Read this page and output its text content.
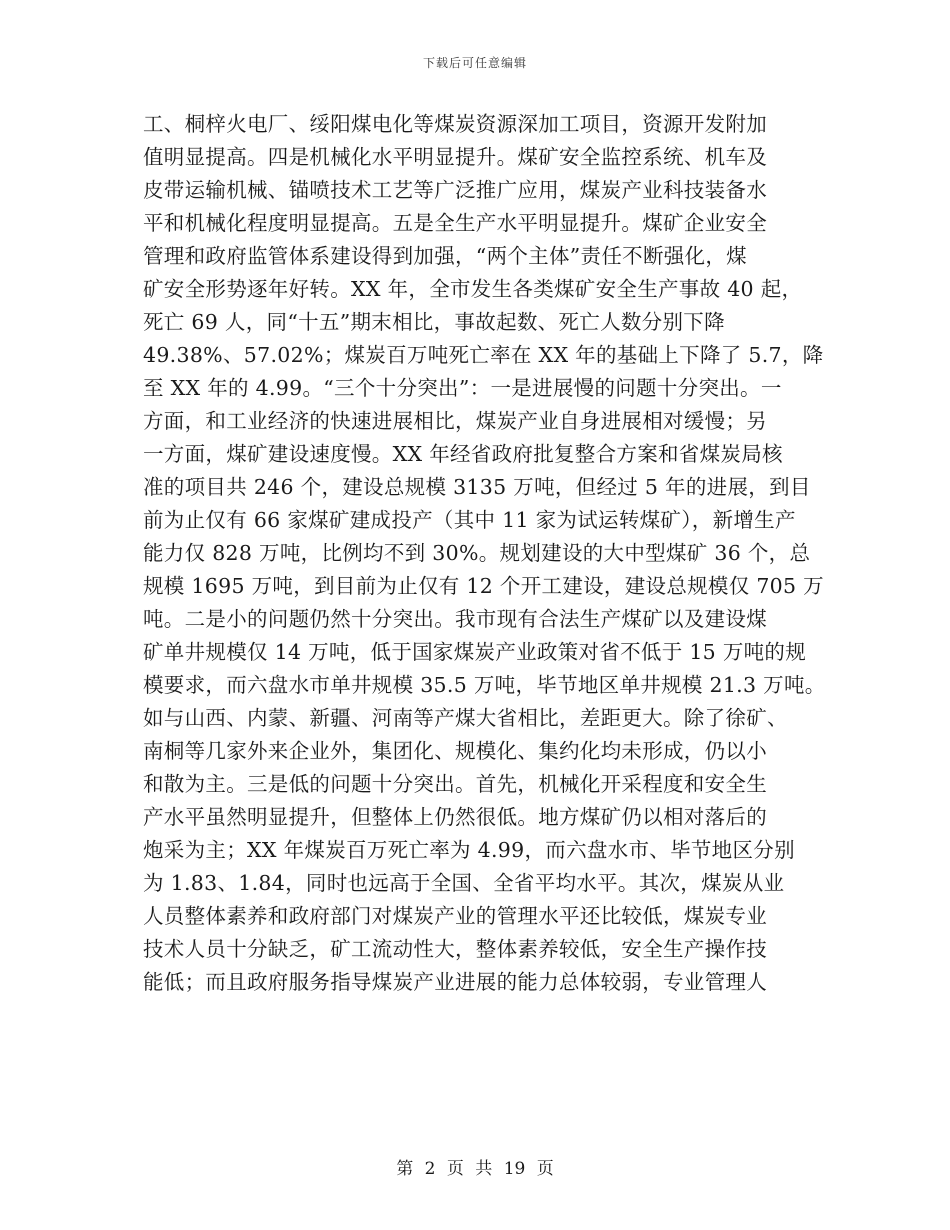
下载后可任意编辑
工、桐梓火电厂、绥阳煤电化等煤炭资源深加工项目，资源开发附加
值明显提高。四是机械化水平明显提升。煤矿安全监控系统、机车及
皮带运输机械、锚喷技术工艺等广泛推广应用，煤炭产业科技装备水
平和机械化程度明显提高。五是全生产水平明显提升。煤矿企业安全
管理和政府监管体系建设得到加强，“两个主体”责任不断强化，煤
矿安全形势逐年好转。XX 年，全市发生各类煤矿安全生产事故 40 起，
死亡 69 人，同“十五”期末相比，事故起数、死亡人数分别下降
49.38%、57.02%；煤炭百万吨死亡率在 XX 年的基础上下降了 5.7，降
至 XX 年的 4.99。“三个十分突出”：一是进展慢的问题十分突出。一
方面，和工业经济的快速进展相比，煤炭产业自身进展相对缓慢；另
一方面，煤矿建设速度慢。XX 年经省政府批复整合方案和省煤炭局核
准的项目共 246 个，建设总规模 3135 万吨，但经过 5 年的进展，到目
前为止仅有 66 家煤矿建成投产（其中 11 家为试运转煤矿），新增生产
能力仅 828 万吨，比例均不到 30%。规划建设的大中型煤矿 36 个，总
规模 1695 万吨，到目前为止仅有 12 个开工建设，建设总规模仅 705 万
吨。二是小的问题仍然十分突出。我市现有合法生产煤矿以及建设煤
矿单井规模仅 14 万吨，低于国家煤炭产业政策对省不低于 15 万吨的规
模要求，而六盘水市单井规模 35.5 万吨，毕节地区单井规模 21.3 万吨。
如与山西、内蒙、新疆、河南等产煤大省相比，差距更大。除了徐矿、
南桐等几家外来企业外，集团化、规模化、集约化均未形成，仍以小
和散为主。三是低的问题十分突出。首先，机械化开采程度和安全生
产水平虽然明显提升，但整体上仍然很低。地方煤矿仍以相对落后的
炮采为主；XX 年煤炭百万死亡率为 4.99，而六盘水市、毕节地区分别
为 1.83、1.84，同时也远高于全国、全省平均水平。其次，煤炭从业
人员整体素养和政府部门对煤炭产业的管理水平还比较低，煤炭专业
技术人员十分缺乏，矿工流动性大，整体素养较低，安全生产操作技
能低；而且政府服务指导煤炭产业进展的能力总体较弱，专业管理人
第 2 页 共 19 页
